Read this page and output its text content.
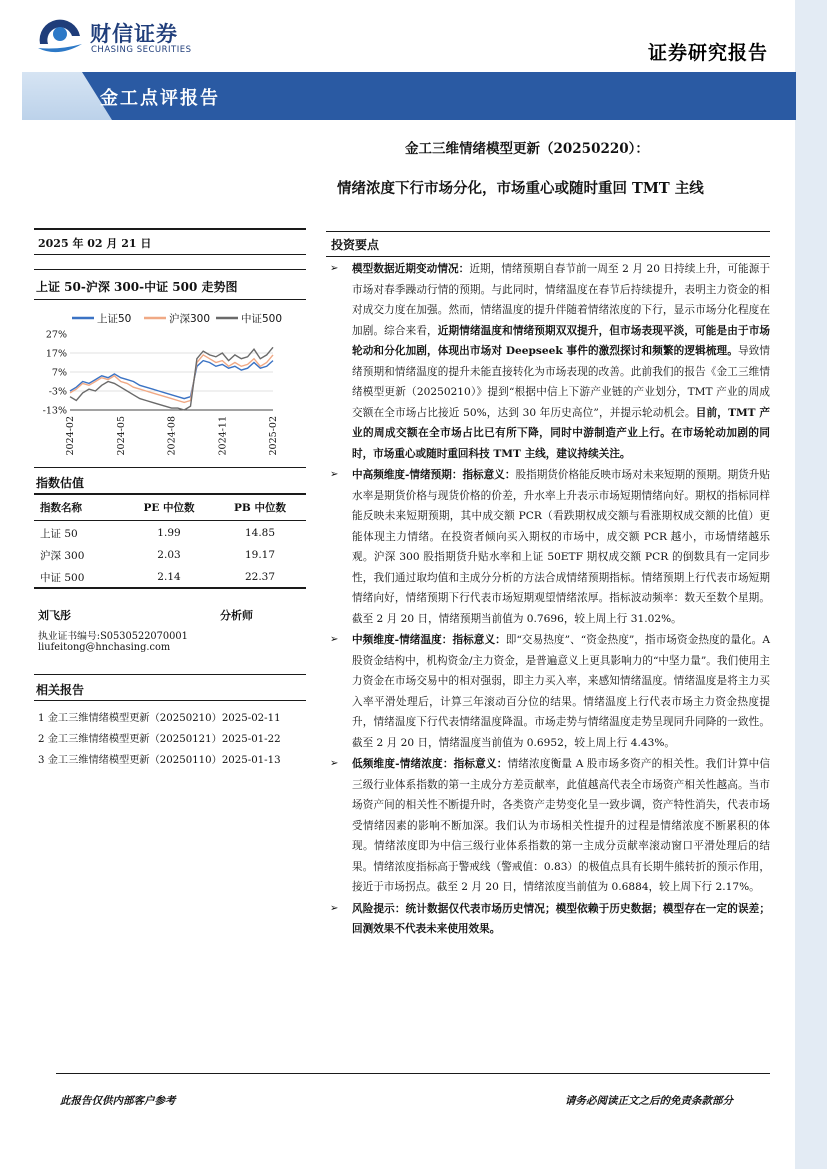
财信证券
CHASING SECURITIES	证券研究报告
金工点评报告
金工三维情绪模型更新（20250220）：
情绪浓度下行市场分化，市场重心或随时重回 TMT 主线
2025 年 02 月 21 日
上证 50-沪深 300-中证 500 走势图
上证50	沪深300	中证500
27%
17%
7%
-3%
-13%
2024-02	2024-05	2024-08	2024-11	2025-02
指数估值
指数名称	PE 中位数	PB 中位数

上证 50	1.99	14.85
沪深 300	2.03	19.17
中证 500	2.14	22.37
刘飞彤	分析师
执业证书编号:S0530522070001
liufeitong@hnchasing.com
相关报告
1 金工三维情绪模型更新（20250210）2025-02-11
2 金工三维情绪模型更新（20250121）2025-01-22
3 金工三维情绪模型更新（20250110）2025-01-13
投资要点
➢	模型数据近期变动情况：近期，情绪预期自春节前一周至 2 月 20 日持续上升，可能源于市场对春季躁动行情的预期。与此同时，情绪温度在春节后持续提升，表明主力资金的相对成交力度在加强。然而，情绪温度的提升伴随着情绪浓度的下行，显示市场分化程度在加剧。综合来看，近期情绪温度和情绪预期双双提升，但市场表现平淡，可能是由于市场轮动和分化加剧，体现出市场对 Deepseek 事件的激烈探讨和频繁的逻辑梳理。导致情绪预期和情绪温度的提升未能直接转化为市场表现的改善。此前我们的报告《金工三维情绪模型更新（20250210）》提到“根据中信上下游产业链的产业划分，TMT 产业的周成交额在全市场占比接近 50%，达到 30 年历史高位”，并提示轮动机会。目前，TMT 产业的周成交额在全市场占比已有所下降，同时中游制造产业上行。在市场轮动加剧的同时，市场重心或随时重回科技 TMT 主线，建议持续关注。

➢	中高频维度-情绪预期：指标意义：股指期货价格能反映市场对未来短期的预期。期货升贴水率是期货价格与现货价格的价差，升水率上升表示市场短期情绪向好。期权的指标同样能反映未来短期预期，其中成交额 PCR（看跌期权成交额与看涨期权成交额的比值）更能体现主力情绪。在投资者倾向买入期权的市场中，成交额 PCR 越小，市场情绪越乐观。沪深 300 股指期货升贴水率和上证 50ETF 期权成交额 PCR 的倒数具有一定同步性，我们通过取均值和主成分分析的方法合成情绪预期指标。情绪预期上行代表市场短期情绪向好，情绪预期下行代表市场短期观望情绪浓厚。指标波动频率：数天至数个星期。截至 2 月 20 日，情绪预期当前值为 0.7696，较上周上行 31.02%。

➢	中频维度-情绪温度：指标意义：即“交易热度”、“资金热度”，指市场资金热度的量化。A 股资金结构中，机构资金/主力资金，是普遍意义上更具影响力的“中坚力量”。我们使用主力资金在市场交易中的相对强弱，即主力买入率，来感知情绪温度。情绪温度是将主力买入率平滑处理后，计算三年滚动百分位的结果。情绪温度上行代表市场主力资金热度提升，情绪温度下行代表情绪温度降温。市场走势与情绪温度走势呈现同升同降的一致性。截至 2 月 20 日，情绪温度当前值为 0.6952，较上周上行 4.43%。

➢	低频维度-情绪浓度：指标意义：情绪浓度衡量 A 股市场多资产的相关性。我们计算中信三级行业体系指数的第一主成分方差贡献率，此值越高代表全市场资产相关性越高。当市场资产间的相关性不断提升时，各类资产走势变化呈一致步调，资产特性消失，代表市场受情绪因素的影响不断加深。我们认为市场相关性提升的过程是情绪浓度不断累积的体现。情绪浓度即为中信三级行业体系指数的第一主成分贡献率滚动窗口平滑处理后的结果。情绪浓度指标高于警戒线（警戒值：0.83）的极值点具有长期牛熊转折的预示作用，接近于市场拐点。截至 2 月 20 日，情绪浓度当前值为 0.6884，较上周下行 2.17%。

➢	风险提示：统计数据仅代表市场历史情况；模型依赖于历史数据；模型存在一定的误差；回测效果不代表未来使用效果。

此报告仅供内部客户参考	请务必阅读正文之后的免责条款部分
